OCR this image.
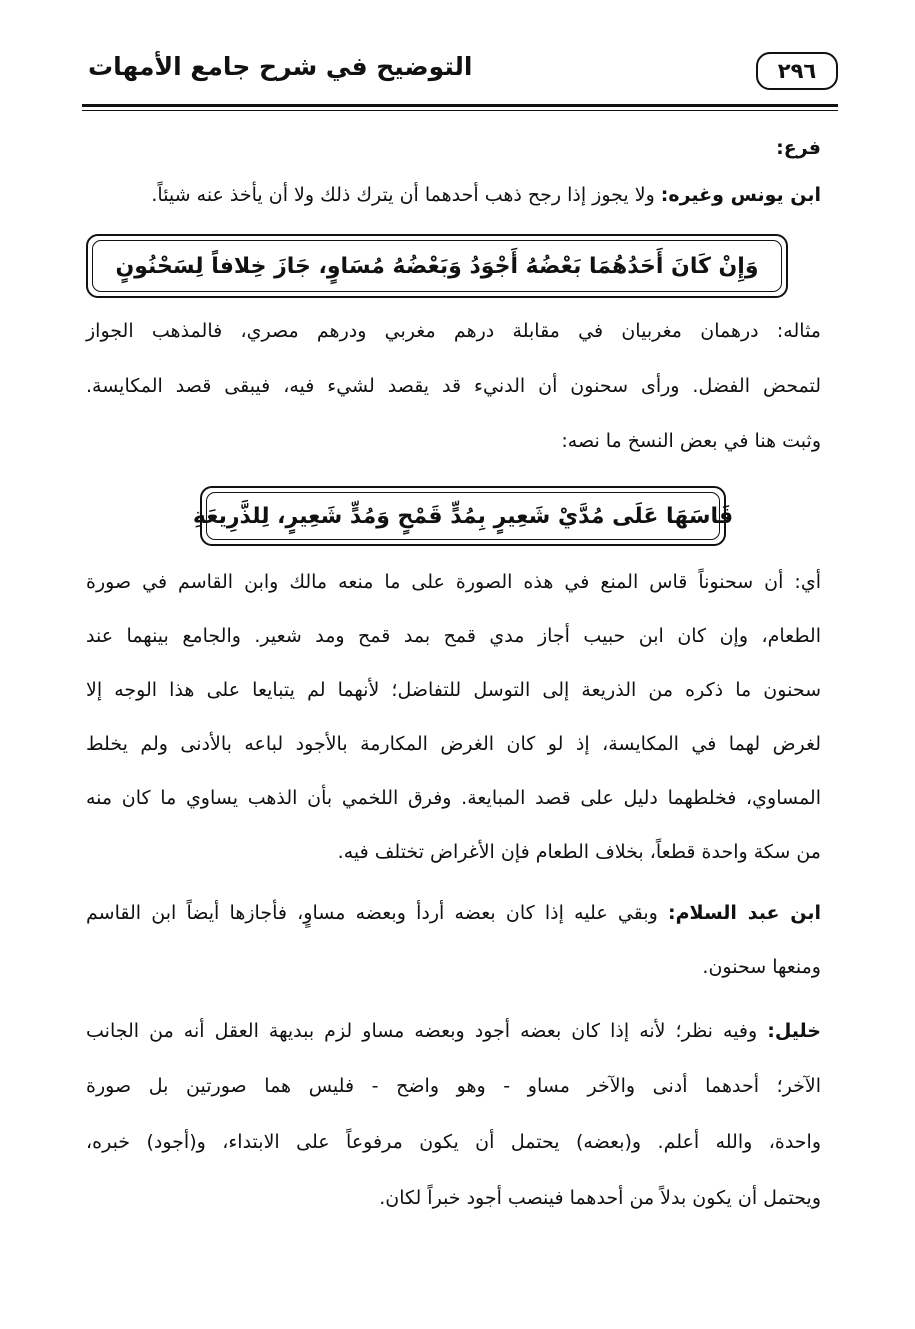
التوضيح في شرح جامع الأمهات	٢٩٦
فرع:
ابن يونس وغيره: ولا يجوز إذا رجح ذهب أحدهما أن يترك ذلك ولا أن يأخذ عنه شيئاً.
وَإِنْ كَانَ أَحَدُهُمَا بَعْضُهُ أَجْوَدُ وَبَعْضُهُ مُسَاوٍ، جَازَ خِلافاً لِسَحْنُونٍ
مثاله: درهمان مغربيان في مقابلة درهم مغربي ودرهم مصري، فالمذهب الجواز
لتمحض الفضل. ورأى سحنون أن الدنيء قد يقصد لشيء فيه، فيبقى قصد المكايسة.
وثبت هنا في بعض النسخ ما نصه:
قَاسَهَا عَلَى مُدَّيْ شَعِيرٍ بِمُدٍّ قَمْحٍ وَمُدٍّ شَعِيرٍ، لِلذَّرِيعَةِ
أي: أن سحنوناً قاس المنع في هذه الصورة على ما منعه مالك وابن القاسم في صورة
الطعام، وإن كان ابن حبيب أجاز مدي قمح بمد قمح ومد شعير. والجامع بينهما عند
سحنون ما ذكره من الذريعة إلى التوسل للتفاضل؛ لأنهما لم يتبايعا على هذا الوجه إلا
لغرض لهما في المكايسة، إذ لو كان الغرض المكارمة بالأجود لباعه بالأدنى ولم يخلط
المساوي، فخلطهما دليل على قصد المبايعة. وفرق اللخمي بأن الذهب يساوي ما كان منه
من سكة واحدة قطعاً، بخلاف الطعام فإن الأغراض تختلف فيه.
ابن عبد السلام: وبقي عليه إذا كان بعضه أردأ وبعضه مساوٍ، فأجازها أيضاً ابن القاسم
ومنعها سحنون.
خليل: وفيه نظر؛ لأنه إذا كان بعضه أجود وبعضه مساو لزم ببديهة العقل أنه من الجانب
الآخر؛ أحدهما أدنى والآخر مساو - وهو واضح - فليس هما صورتين بل صورة
واحدة، والله أعلم. و(بعضه) يحتمل أن يكون مرفوعاً على الابتداء، و(أجود) خبره،
ويحتمل أن يكون بدلاً من أحدهما فينصب أجود خبراً لكان.
